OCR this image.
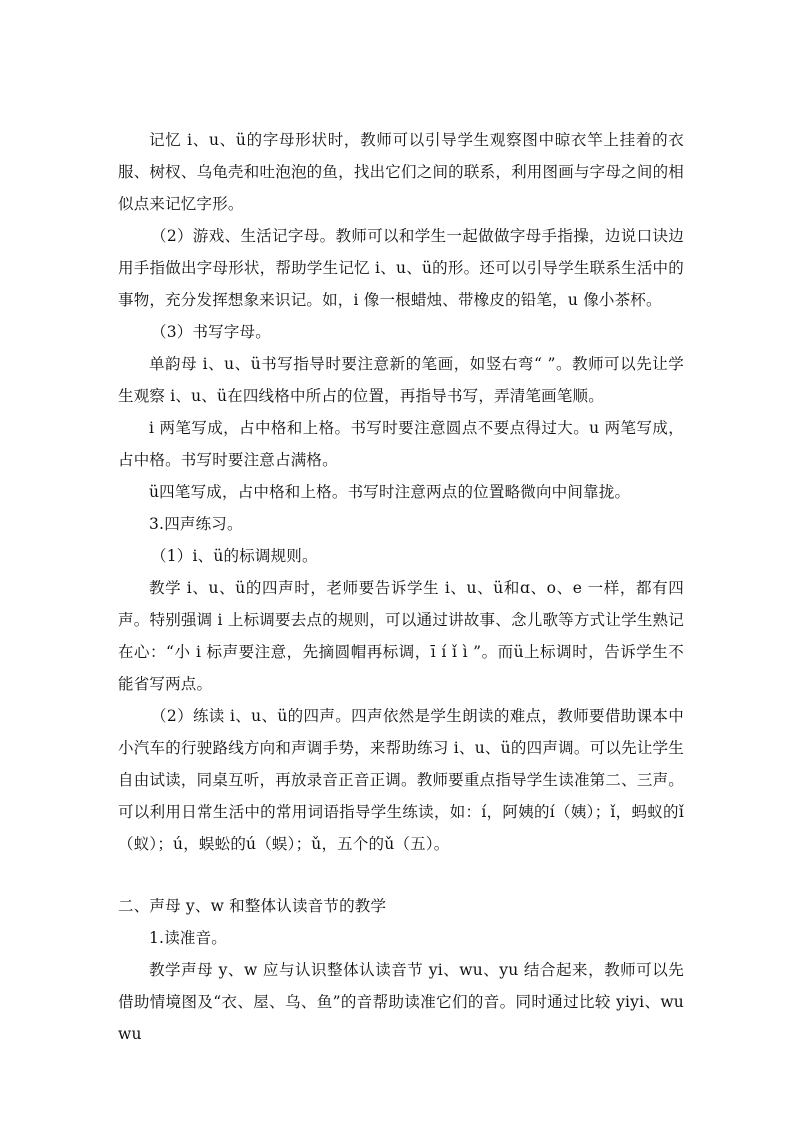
记忆 i、u、ü的字母形状时，教师可以引导学生观察图中晾衣竿上挂着的衣服、树杈、乌龟壳和吐泡泡的鱼，找出它们之间的联系，利用图画与字母之间的相似点来记忆字形。

（2）游戏、生活记字母。教师可以和学生一起做做字母手指操，边说口诀边用手指做出字母形状，帮助学生记忆 i、u、ü的形。还可以引导学生联系生活中的事物，充分发挥想象来识记。如，i 像一根蜡烛、带橡皮的铅笔，u 像小茶杯。

（3）书写字母。

单韵母 i、u、ü书写指导时要注意新的笔画，如竖右弯“ ”。教师可以先让学生观察 i、u、ü在四线格中所占的位置，再指导书写，弄清笔画笔顺。

i 两笔写成，占中格和上格。书写时要注意圆点不要点得过大。u 两笔写成，占中格。书写时要注意占满格。

ü四笔写成，占中格和上格。书写时注意两点的位置略微向中间靠拢。

3.四声练习。

（1）i、ü的标调规则。

教学 i、u、ü的四声时，老师要告诉学生 i、u、ü和ɑ、o、e 一样，都有四声。特别强调 i 上标调要去点的规则，可以通过讲故事、念儿歌等方式让学生熟记在心：“小 i 标声要注意，先摘圆帽再标调，ī í ǐ ì ”。而ü上标调时，告诉学生不能省写两点。

（2）练读 i、u、ü的四声。四声依然是学生朗读的难点，教师要借助课本中小汽车的行驶路线方向和声调手势，来帮助练习 i、u、ü的四声调。可以先让学生自由试读，同桌互听，再放录音正音正调。教师要重点指导学生读准第二、三声。可以利用日常生活中的常用词语指导学生练读，如：í，阿姨的í（姨）；ǐ，蚂蚁的ǐ（蚁）；ú，蜈蚣的ú（蜈）；ǔ，五个的ǔ（五）。

二、声母 y、w 和整体认读音节的教学

1.读准音。

教学声母 y、w 应与认识整体认读音节 yi、wu、yu 结合起来，教师可以先借助情境图及“衣、屋、乌、鱼”的音帮助读准它们的音。同时通过比较 yiyi、wuwu
